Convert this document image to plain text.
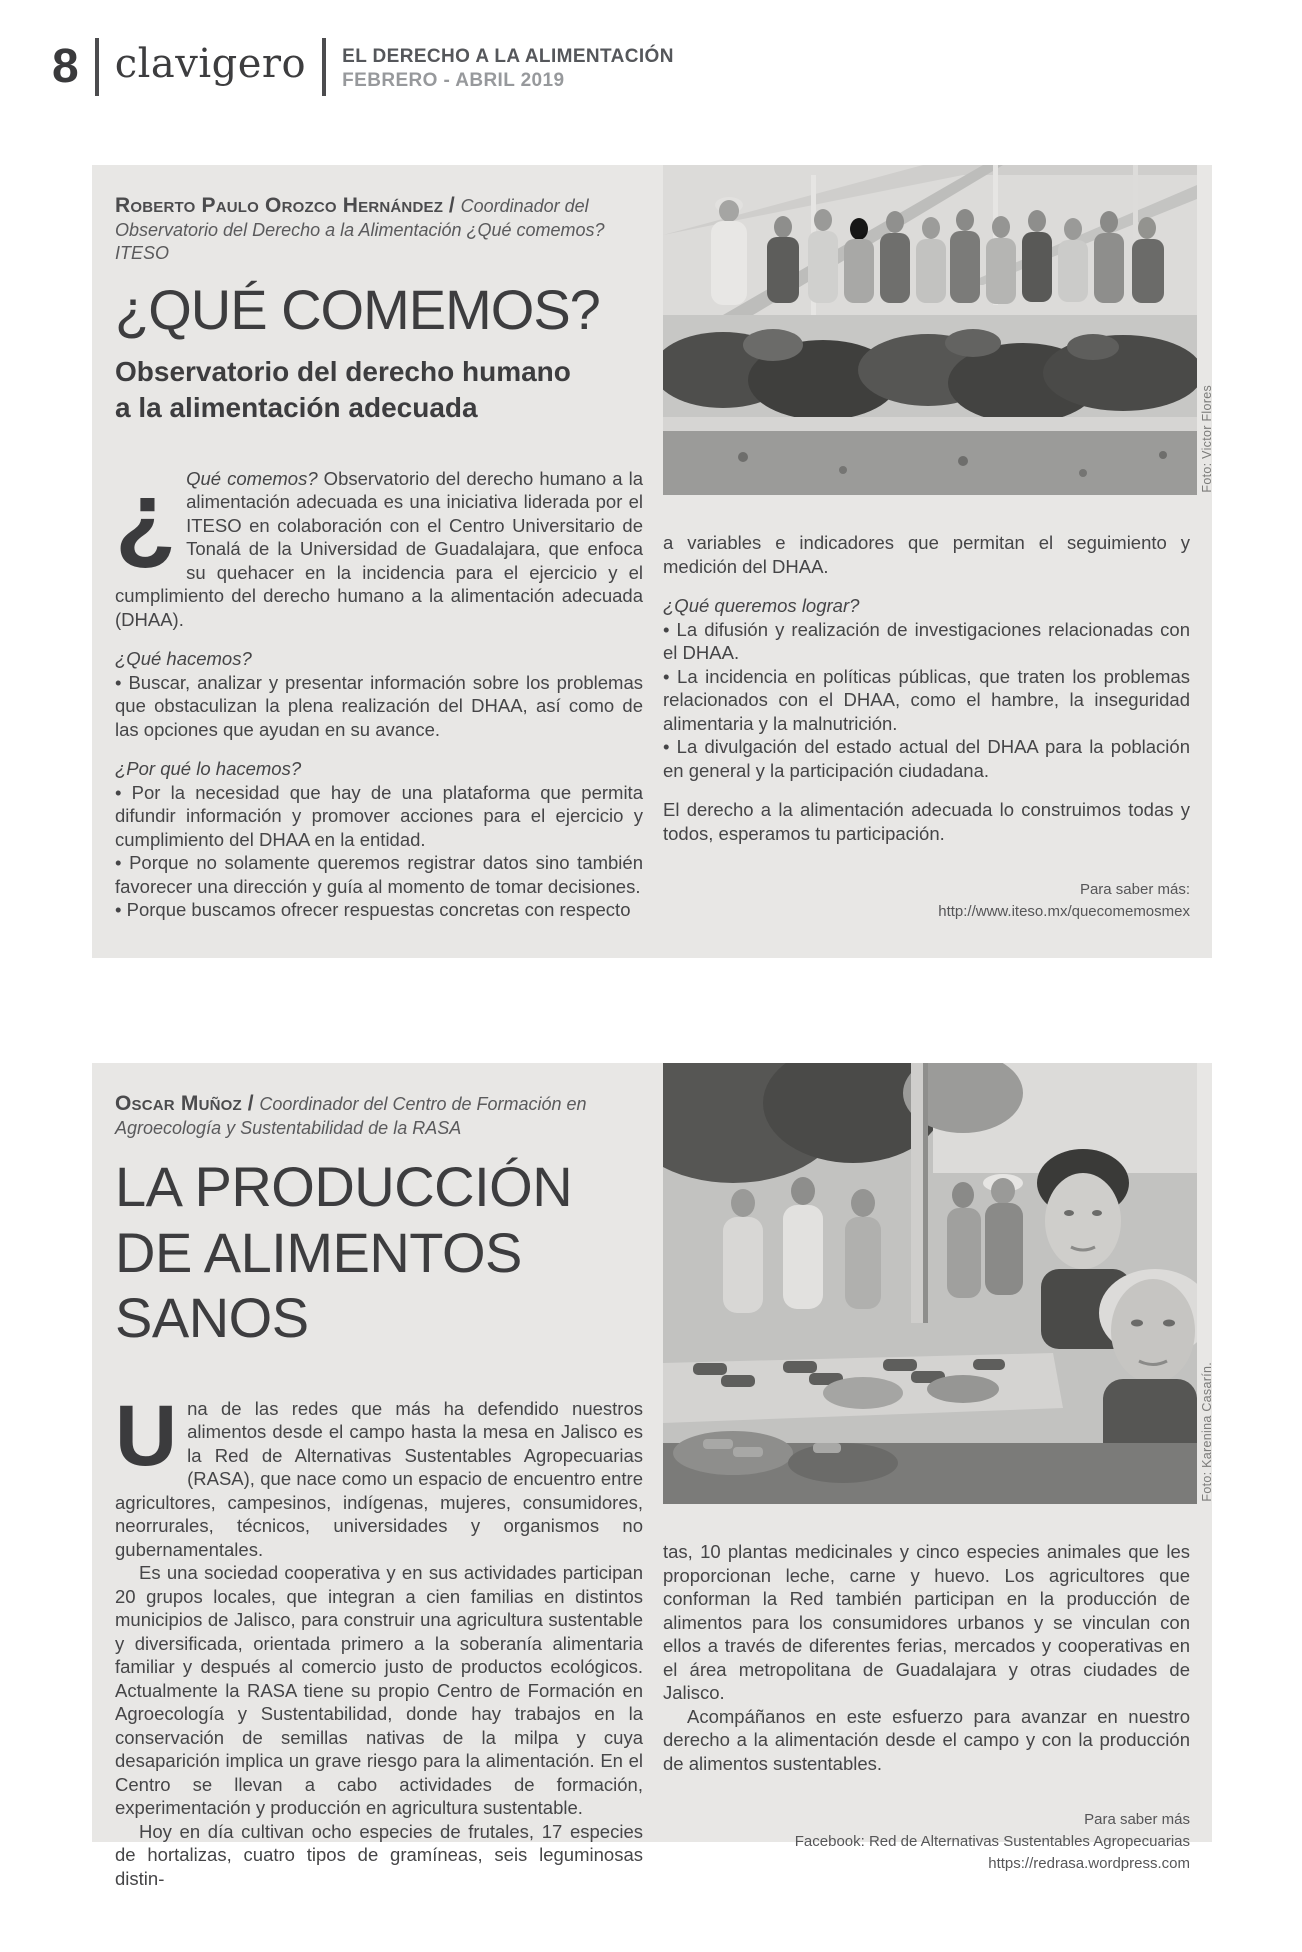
8 clavigero EL DERECHO A LA ALIMENTACIÓN
FEBRERO - ABRIL 2019
Foto: Victor Flores

Roberto Paulo Orozco Hernández / Coordinador del Observatorio del Derecho a la Alimentación ¿Qué comemos? ITESO

¿QUÉ COMEMOS?
Observatorio del derecho humano a la alimentación adecuada

¿ Qué comemos? Observatorio del derecho humano a la alimentación adecuada es una iniciativa liderada por el ITESO en colaboración con el Centro Universitario de Tonalá de la Universidad de Guadalajara, que enfoca su quehacer en la incidencia para el ejercicio y el cumplimiento del derecho humano a la alimentación adecuada (DHAA).

¿Qué hacemos?

• Buscar, analizar y presentar información sobre los problemas que obstaculizan la plena realización del DHAA, así como de las opciones que ayudan en su avance.

¿Por qué lo hacemos?

• Por la necesidad que hay de una plataforma que permita difundir información y promover acciones para el ejercicio y cumplimiento del DHAA en la entidad.

• Porque no solamente queremos registrar datos sino también favorecer una dirección y guía al momento de tomar decisiones.

• Porque buscamos ofrecer respuestas concretas con respecto

a variables e indicadores que permitan el seguimiento y medición del DHAA.

¿Qué queremos lograr?

• La difusión y realización de investigaciones relacionadas con el DHAA.

• La incidencia en políticas públicas, que traten los problemas relacionados con el DHAA, como el hambre, la inseguridad alimentaria y la malnutrición.

• La divulgación del estado actual del DHAA para la población en general y la participación ciudadana.

El derecho a la alimentación adecuada lo construimos todas y todos, esperamos tu participación.

Para saber más:
http://www.iteso.mx/quecomemosmex
Foto: Karenina Casarín.

Oscar Muñoz / Coordinador del Centro de Formación en Agroecología y Sustentabilidad de la RASA

LA PRODUCCIÓN
DE ALIMENTOS
SANOS

Una de las redes que más ha defendido nuestros alimentos desde el campo hasta la mesa en Jalisco es la Red de Alternativas Sustentables Agropecuarias (RASA), que nace como un espacio de encuentro entre agricultores, campesinos, indígenas, mujeres, consumidores, neorrurales, técnicos, universidades y organismos no gubernamentales.

Es una sociedad cooperativa y en sus actividades participan 20 grupos locales, que integran a cien familias en distintos municipios de Jalisco, para construir una agricultura sustentable y diversificada, orientada primero a la soberanía alimentaria familiar y después al comercio justo de productos ecológicos. Actualmente la RASA tiene su propio Centro de Formación en Agroecología y Sustentabilidad, donde hay trabajos en la conservación de semillas nativas de la milpa y cuya desaparición implica un grave riesgo para la alimentación. En el Centro se llevan a cabo actividades de formación, experimentación y producción en agricultura sustentable.

Hoy en día cultivan ocho especies de frutales, 17 especies de hortalizas, cuatro tipos de gramíneas, seis leguminosas distin-

tas, 10 plantas medicinales y cinco especies animales que les proporcionan leche, carne y huevo. Los agricultores que conforman la Red también participan en la producción de alimentos para los consumidores urbanos y se vinculan con ellos a través de diferentes ferias, mercados y cooperativas en el área metropolitana de Guadalajara y otras ciudades de Jalisco.

Acompáñanos en este esfuerzo para avanzar en nuestro derecho a la alimentación desde el campo y con la producción de alimentos sustentables.

Para saber más
Facebook: Red de Alternativas Sustentables Agropecuarias
https://redrasa.wordpress.com
